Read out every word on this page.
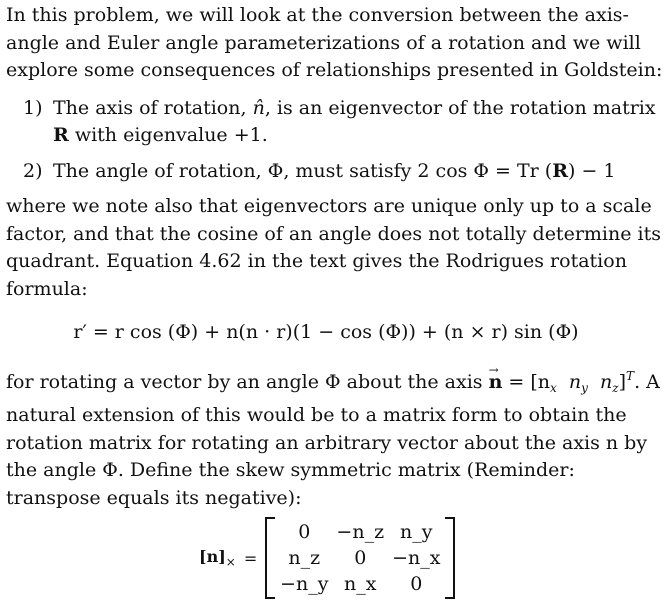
In this problem, we will look at the conversion between the axis-angle and Euler angle parameterizations of a rotation and we will explore some consequences of relationships presented in Goldstein:

1) The axis of rotation, n̂, is an eigenvector of the rotation matrix R with eigenvalue +1.
2) The angle of rotation, Φ, must satisfy 2 cos Φ = Tr (R) − 1

where we note also that eigenvectors are unique only up to a scale factor, and that the cosine of an angle does not totally determine its quadrant. Equation 4.62 in the text gives the Rodrigues rotation formula:

r′ = r cos (Φ) + n(n · r)(1 − cos (Φ)) + (n × r) sin (Φ)

for rotating a vector by an angle Φ about the axis → $n = [n_x$ $n_y$ $n_z]^T$. A natural extension of this would be to a matrix form to obtain the rotation matrix for rotating an arbitrary vector about the axis n by the angle Φ. Define the skew symmetric matrix (Reminder: transpose equals its negative):

$[n]_\times$ =
0 −n_z n_y
n_z 0 −n_x
−n_y n_x 0
